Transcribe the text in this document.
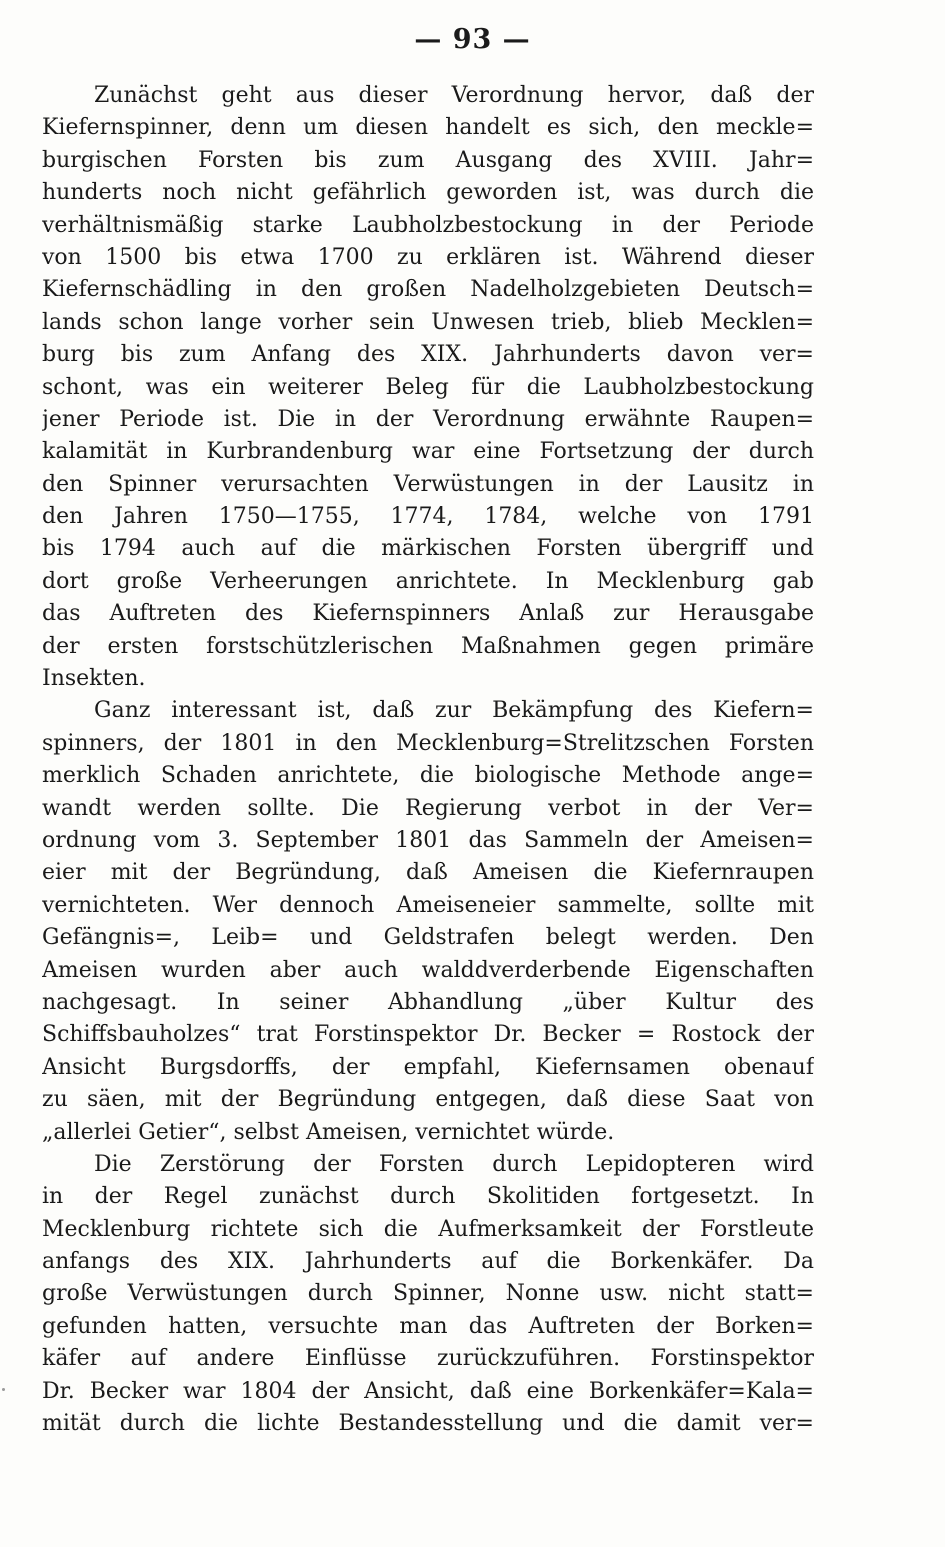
— 93 —
Zunächst geht aus dieser Verordnung hervor, daß der
Kiefernspinner, denn um diesen handelt es sich, den meckle=
burgischen Forsten bis zum Ausgang des XVIII. Jahr=
hunderts noch nicht gefährlich geworden ist, was durch die
verhältnismäßig starke Laubholzbestockung in der Periode
von 1500 bis etwa 1700 zu erklären ist. Während dieser
Kiefernschädling in den großen Nadelholzgebieten Deutsch=
lands schon lange vorher sein Unwesen trieb, blieb Mecklen=
burg bis zum Anfang des XIX. Jahrhunderts davon ver=
schont, was ein weiterer Beleg für die Laubholzbestockung
jener Periode ist. Die in der Verordnung erwähnte Raupen=
kalamität in Kurbrandenburg war eine Fortsetzung der durch
den Spinner verursachten Verwüstungen in der Lausitz in
den Jahren 1750—1755, 1774, 1784, welche von 1791
bis 1794 auch auf die märkischen Forsten übergriff und
dort große Verheerungen anrichtete. In Mecklenburg gab
das Auftreten des Kiefernspinners Anlaß zur Herausgabe
der ersten forstschützlerischen Maßnahmen gegen primäre
Insekten.
Ganz interessant ist, daß zur Bekämpfung des Kiefern=
spinners, der 1801 in den Mecklenburg=Strelitzschen Forsten
merklich Schaden anrichtete, die biologische Methode ange=
wandt werden sollte. Die Regierung verbot in der Ver=
ordnung vom 3. September 1801 das Sammeln der Ameisen=
eier mit der Begründung, daß Ameisen die Kiefernraupen
vernichteten. Wer dennoch Ameiseneier sammelte, sollte mit
Gefängnis=, Leib= und Geldstrafen belegt werden. Den
Ameisen wurden aber auch walddverderbende Eigenschaften
nachgesagt. In seiner Abhandlung „über Kultur des
Schiffsbauholzes“ trat Forstinspektor Dr. Becker = Rostock der
Ansicht Burgsdorffs, der empfahl, Kiefernsamen obenauf
zu säen, mit der Begründung entgegen, daß diese Saat von
„allerlei Getier“, selbst Ameisen, vernichtet würde.
Die Zerstörung der Forsten durch Lepidopteren wird
in der Regel zunächst durch Skolitiden fortgesetzt. In
Mecklenburg richtete sich die Aufmerksamkeit der Forstleute
anfangs des XIX. Jahrhunderts auf die Borkenkäfer. Da
große Verwüstungen durch Spinner, Nonne usw. nicht statt=
gefunden hatten, versuchte man das Auftreten der Borken=
käfer auf andere Einflüsse zurückzuführen. Forstinspektor
Dr. Becker war 1804 der Ansicht, daß eine Borkenkäfer=Kala=
mität durch die lichte Bestandesstellung und die damit ver=
